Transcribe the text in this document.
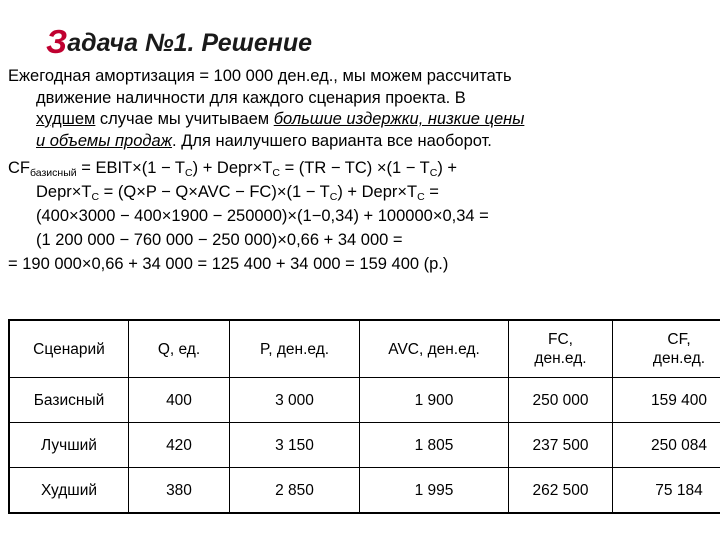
Задача №1. Решение
Ежегодная амортизация = 100 000 ден.ед., мы можем рассчитать
движение наличности для каждого сценария проекта. В
худшем случае мы учитываем большие издержки, низкие цены
и объемы продаж. Для наилучшего варианта все наоборот.
$CF_{базисный}$ = EBIT×(1 − $T_C$) + $Depr\times T_C = (TR - TC) \times(1 - T_C)$ +
$Depr\times T_C = (Q\times P - Q\times AVC - FC)\times(1 - T_C)$ + $Depr\times T_C$ =
(400×3000 − 400×1900 − 250000)×(1−0,34) + 100000×0,34 =
(1 200 000 − 760 000 − 250 000)×0,66 + 34 000 =
= 190 000×0,66 + 34 000 = 125 400 + 34 000 = 159 400 (р.)
Сценарий	Q, ед.	P, ден.ед.	AVC, ден.ед.	FC,
ден.ед.	CF,
ден.ед.

Базисный	400	3 000	1 900	250 000	159 400
Лучший	420	3 150	1 805	237 500	250 084
Худший	380	2 850	1 995	262 500	75 184
